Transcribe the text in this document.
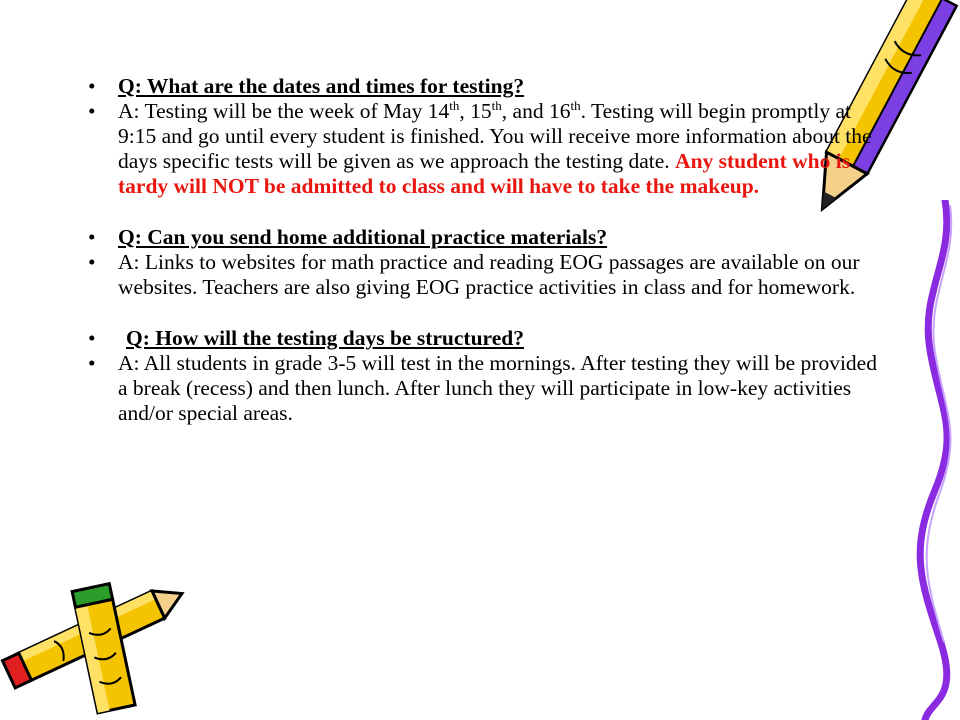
• Q: What are the dates and times for testing?

• A: Testing will be the week of May 14th, 15th, and 16th. Testing will begin promptly at 9:15 and go until every student is finished. You will receive more information about the days specific tests will be given as we approach the testing date. Any student who is tardy will NOT be admitted to class and will have to take the makeup.

• Q: Can you send home additional practice materials?

• A: Links to websites for math practice and reading EOG passages are available on our websites. Teachers are also giving EOG practice activities in class and for homework.

• Q: How will the testing days be structured?

• A: All students in grade 3-5 will test in the mornings. After testing they will be provided a break (recess) and then lunch. After lunch they will participate in low-key activities and/or special areas.
